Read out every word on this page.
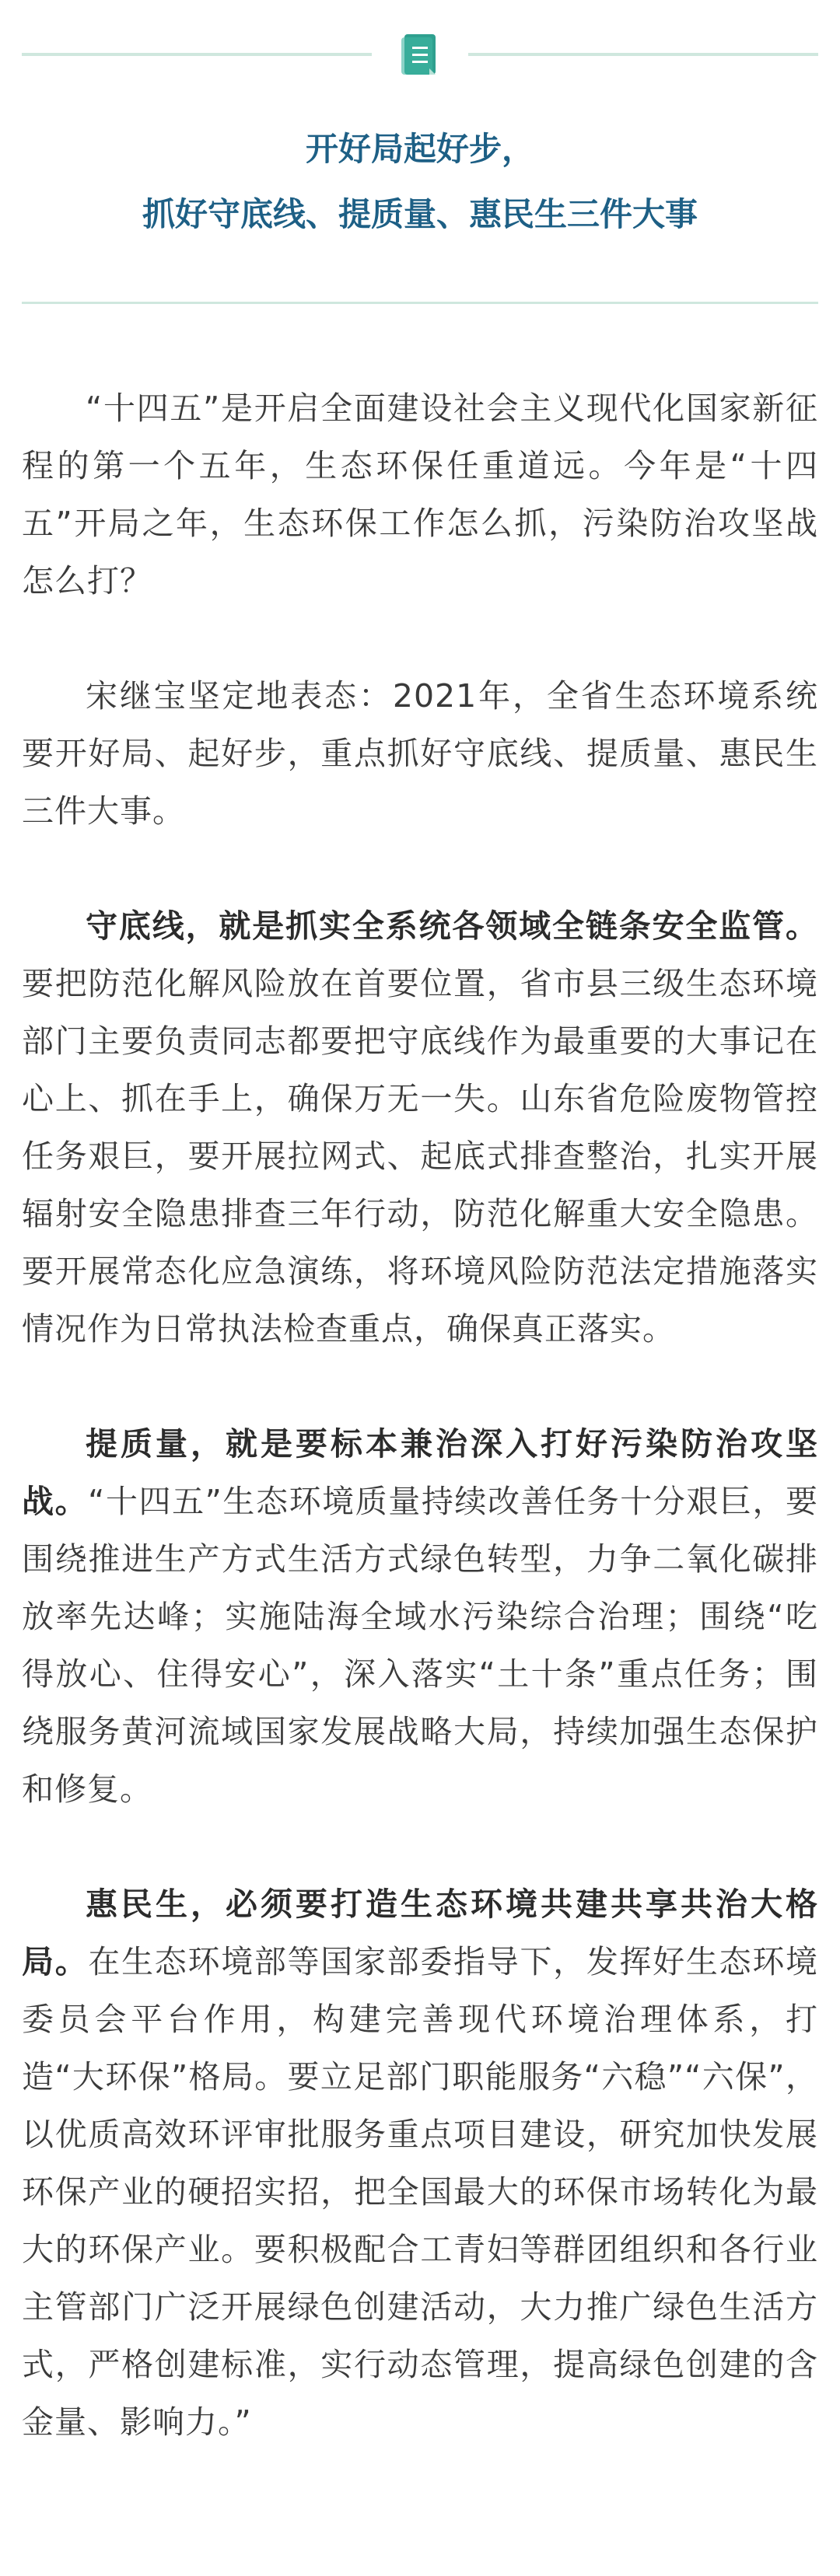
开好局起好步，
抓好守底线、提质量、惠民生三件大事

“十四五”是开启全面建设社会主义现代化国家新征程的第一个五年，生态环保任重道远。今年是“十四五”开局之年，生态环保工作怎么抓，污染防治攻坚战怎么打？

宋继宝坚定地表态：2021年，全省生态环境系统要开好局、起好步，重点抓好守底线、提质量、惠民生三件大事。

守底线，就是抓实全系统各领域全链条安全监管。要把防范化解风险放在首要位置，省市县三级生态环境部门主要负责同志都要把守底线作为最重要的大事记在心上、抓在手上，确保万无一失。山东省危险废物管控任务艰巨，要开展拉网式、起底式排查整治，扎实开展辐射安全隐患排查三年行动，防范化解重大安全隐患。要开展常态化应急演练，将环境风险防范法定措施落实情况作为日常执法检查重点，确保真正落实。

提质量，就是要标本兼治深入打好污染防治攻坚战。“十四五”生态环境质量持续改善任务十分艰巨，要围绕推进生产方式生活方式绿色转型，力争二氧化碳排放率先达峰；实施陆海全域水污染综合治理；围绕“吃得放心、住得安心”，深入落实“土十条”重点任务；围绕服务黄河流域国家发展战略大局，持续加强生态保护和修复。

惠民生，必须要打造生态环境共建共享共治大格局。在生态环境部等国家部委指导下，发挥好生态环境委员会平台作用，构建完善现代环境治理体系，打造“大环保”格局。要立足部门职能服务“六稳”“六保”，以优质高效环评审批服务重点项目建设，研究加快发展环保产业的硬招实招，把全国最大的环保市场转化为最大的环保产业。要积极配合工青妇等群团组织和各行业主管部门广泛开展绿色创建活动，大力推广绿色生活方式，严格创建标准，实行动态管理，提高绿色创建的含金量、影响力。”
